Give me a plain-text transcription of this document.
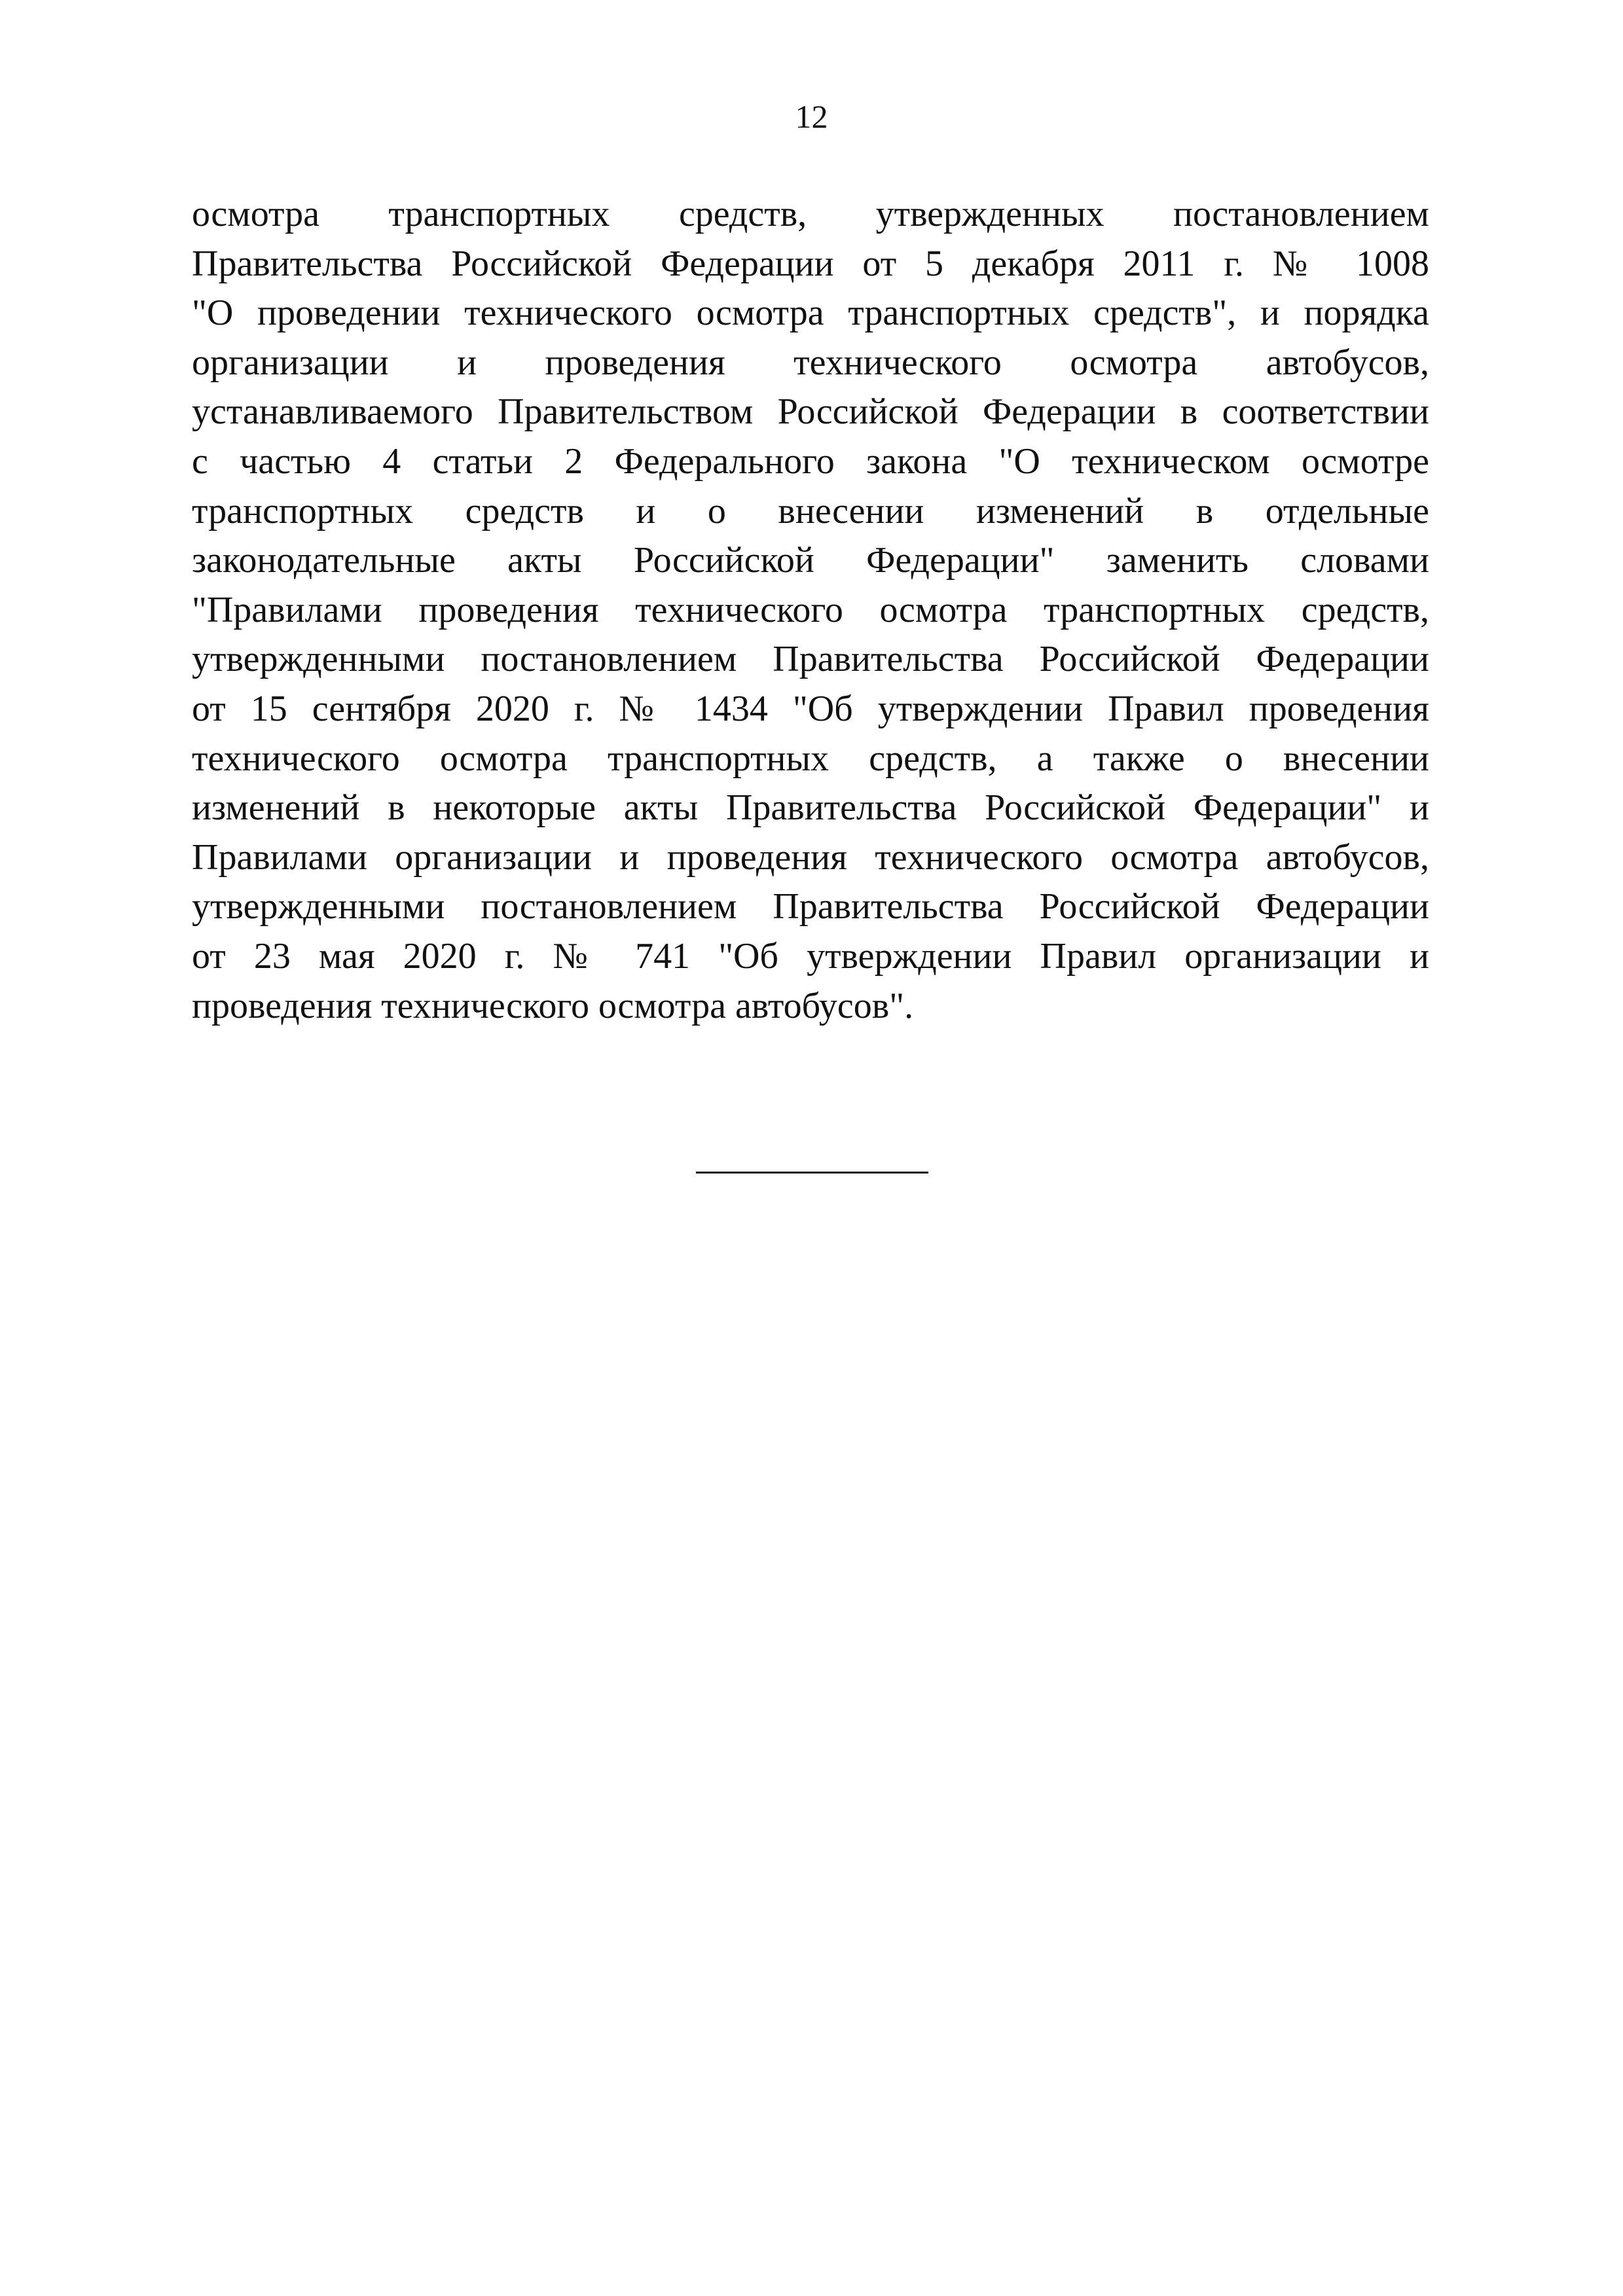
12
осмотра транспортных средств, утвержденных постановлением
Правительства Российской Федерации от 5 декабря 2011 г. № 1008
"О проведении технического осмотра транспортных средств", и порядка
организации и проведения технического осмотра автобусов,
устанавливаемого Правительством Российской Федерации в соответствии
с частью 4 статьи 2 Федерального закона "О техническом осмотре
транспортных средств и о внесении изменений в отдельные
законодательные акты Российской Федерации" заменить словами
"Правилами проведения технического осмотра транспортных средств,
утвержденными постановлением Правительства Российской Федерации
от 15 сентября 2020 г. № 1434 "Об утверждении Правил проведения
технического осмотра транспортных средств, а также о внесении
изменений в некоторые акты Правительства Российской Федерации" и
Правилами организации и проведения технического осмотра автобусов,
утвержденными постановлением Правительства Российской Федерации
от 23 мая 2020 г. № 741 "Об утверждении Правил организации и
проведения технического осмотра автобусов".
